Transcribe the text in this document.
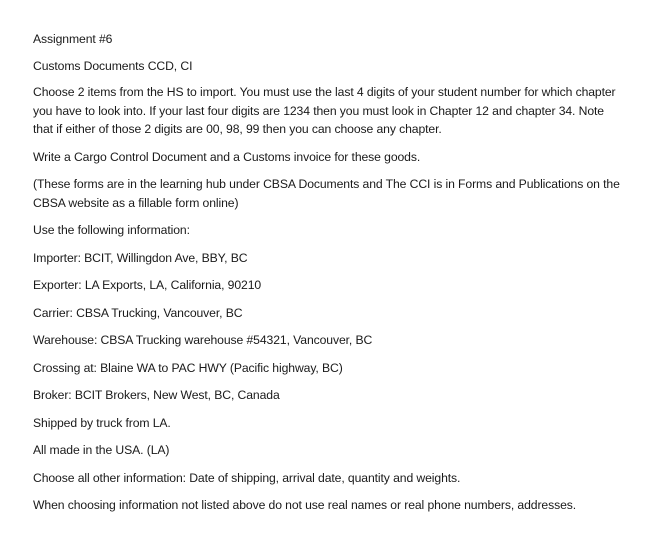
Assignment #6

Customs Documents CCD, CI

Choose 2 items from the HS to import. You must use the last 4 digits of your student number for which chapter you have to look into. If your last four digits are 1234 then you must look in Chapter 12 and chapter 34. Note that if either of those 2 digits are 00, 98, 99 then you can choose any chapter.

Write a Cargo Control Document and a Customs invoice for these goods.

(These forms are in the learning hub under CBSA Documents and The CCI is in Forms and Publications on the CBSA website as a fillable form online)

Use the following information:

Importer: BCIT, Willingdon Ave, BBY, BC

Exporter: LA Exports, LA, California, 90210

Carrier: CBSA Trucking, Vancouver, BC

Warehouse: CBSA Trucking warehouse #54321, Vancouver, BC

Crossing at: Blaine WA to PAC HWY (Pacific highway, BC)

Broker: BCIT Brokers, New West, BC, Canada

Shipped by truck from LA.

All made in the USA. (LA)

Choose all other information: Date of shipping, arrival date, quantity and weights.

When choosing information not listed above do not use real names or real phone numbers, addresses.
